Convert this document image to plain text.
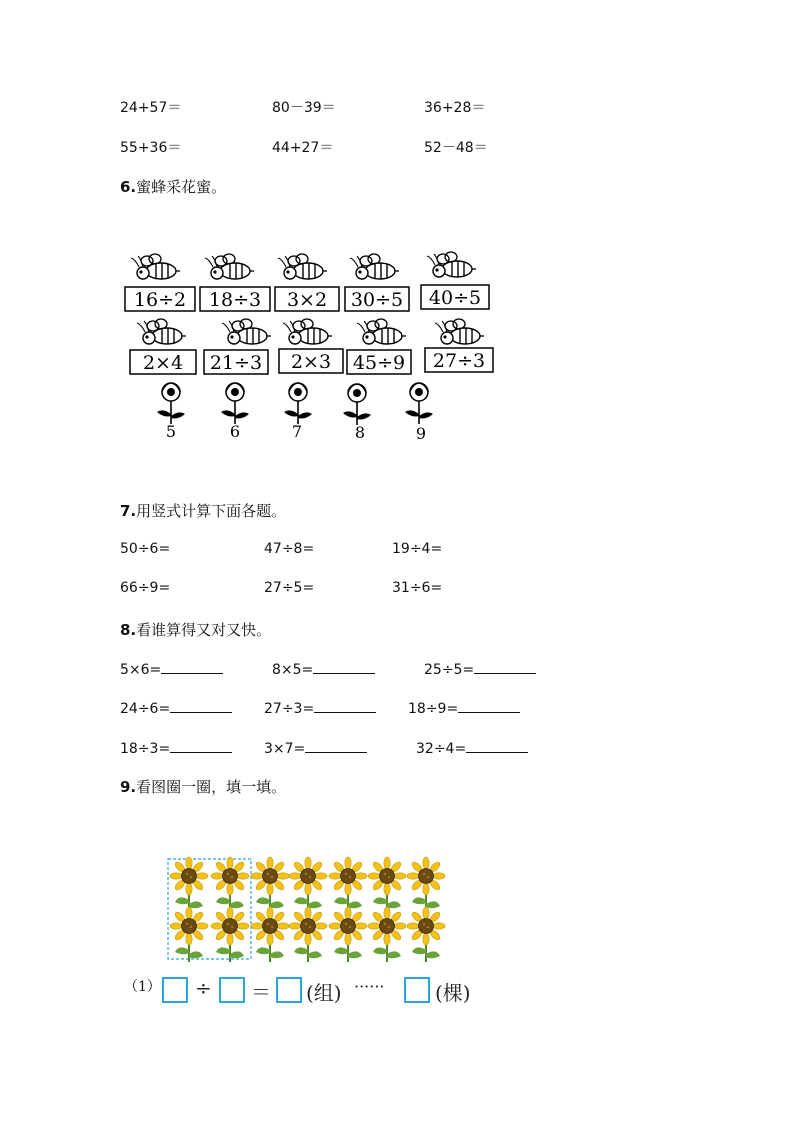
24+57＝	80－39＝	36+28＝
55+36＝	44+27＝	52－48＝
6.蜜蜂采花蜜。
16÷2 18÷3 3×2 30÷5 40÷5
2×4 21÷3 2×3 45÷9 27÷3
5	6	7	8	9
7.用竖式计算下面各题。
50÷6=	47÷8=	19÷4=
66÷9=	27÷5=	31÷6=
8.看谁算得又对又快。
5×6=	8×5=	25÷5=
24÷6=	27÷3=	18÷9=
18÷3=	3×7=	32÷4=
9.看图圈一圈，填一填。
（1） ÷ ＝ (组) ······	(棵)
